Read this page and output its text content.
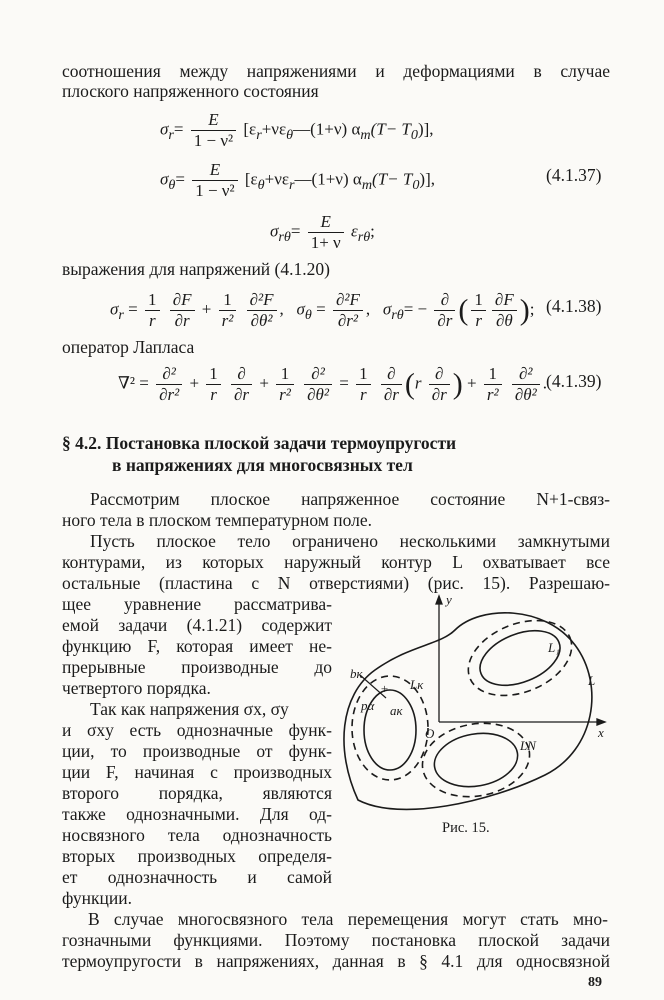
соотношения между напряжениями и деформациями в случае
плоского напряженного состояния
$\sigma_r= \frac{E}{\text{1 − ν²}}$ [$\varepsilon_r+\nu\varepsilon_\theta—(1+\nu)$ $\alpha_т(T- T_0)$],
$\sigma_\theta= \frac{E}{\text{1 − ν²}}$ [$\varepsilon_\theta+\nu\varepsilon_r—(1+\nu)$ $\alpha_т(T- T_0)$],	(4.1.37)
$\sigma_{r\theta}= \frac{E}{1+ \nu} \varepsilon_{r\theta}$;
выражения для напряжений (4.1.20)
$\sigma_r = \frac{1}{r}$
$\frac{\partial F}{\partial r} + \frac{1}{\text{r²}}$
$\frac{\text{∂²F}}{\text{∂θ²}}$ , $\sigma_\theta = \frac{\text{∂²F}}{\text{∂r²}}$ , $\sigma_{r\theta}= - \frac{\partial}{\partial r}$ ( $\frac{1}{r} \frac{\partial F}{\partial\theta}$ ); (4.1.38)
оператор Лапласа
$\nabla^2 = \frac{\text{∂²}}{\text{∂r²}} + \frac{1}{r}$
$\frac{\partial}{\partial r} + \frac{1}{\text{r²}}$
$\frac{\text{∂²}}{\text{∂θ²}} = \frac{1}{r}$
$\frac{\partial}{\partial r} (r \frac{\partial}{\partial r}$ ) + $\frac{1}{\text{r²}}$
$\frac{\text{∂²}}{\text{∂θ²}}$ . (4.1.39)
§ 4.2. Постановка плоской задачи термоупругости
в напряжениях для многосвязных тел
Рассмотрим плоское напряженное состояние N+1-связ-
ного тела в плоском температурном поле.
Пусть плоское тело ограничено несколькими замкнутыми
контурами, из которых наружный контур L охватывает все
остальные (пластина с N отверстиями) (рис. 15). Разрешаю-
щее уравнение рассматрива-
емой задачи (4.1.21) содержит
функцию F, которая имеет не-
прерывные производные до
четвертого порядка.
Так как напряжения σx, σy
и σxy есть однозначные функ-
ции, то производные от функ-
ции F, начиная с производных
второго порядка, являются
также однозначными. Для од-
носвязного тела однозначность
вторых производных определя-
ет однозначность и самой
функции.
y
x
O
L
L₁
Lк
LN
bк
aк
pα
+
Рис. 15.
В случае многосвязного тела перемещения могут стать мно-
гозначными функциями. Поэтому постановка плоской задачи
термоупругости в напряжениях, данная в § 4.1 для односвязной
89
